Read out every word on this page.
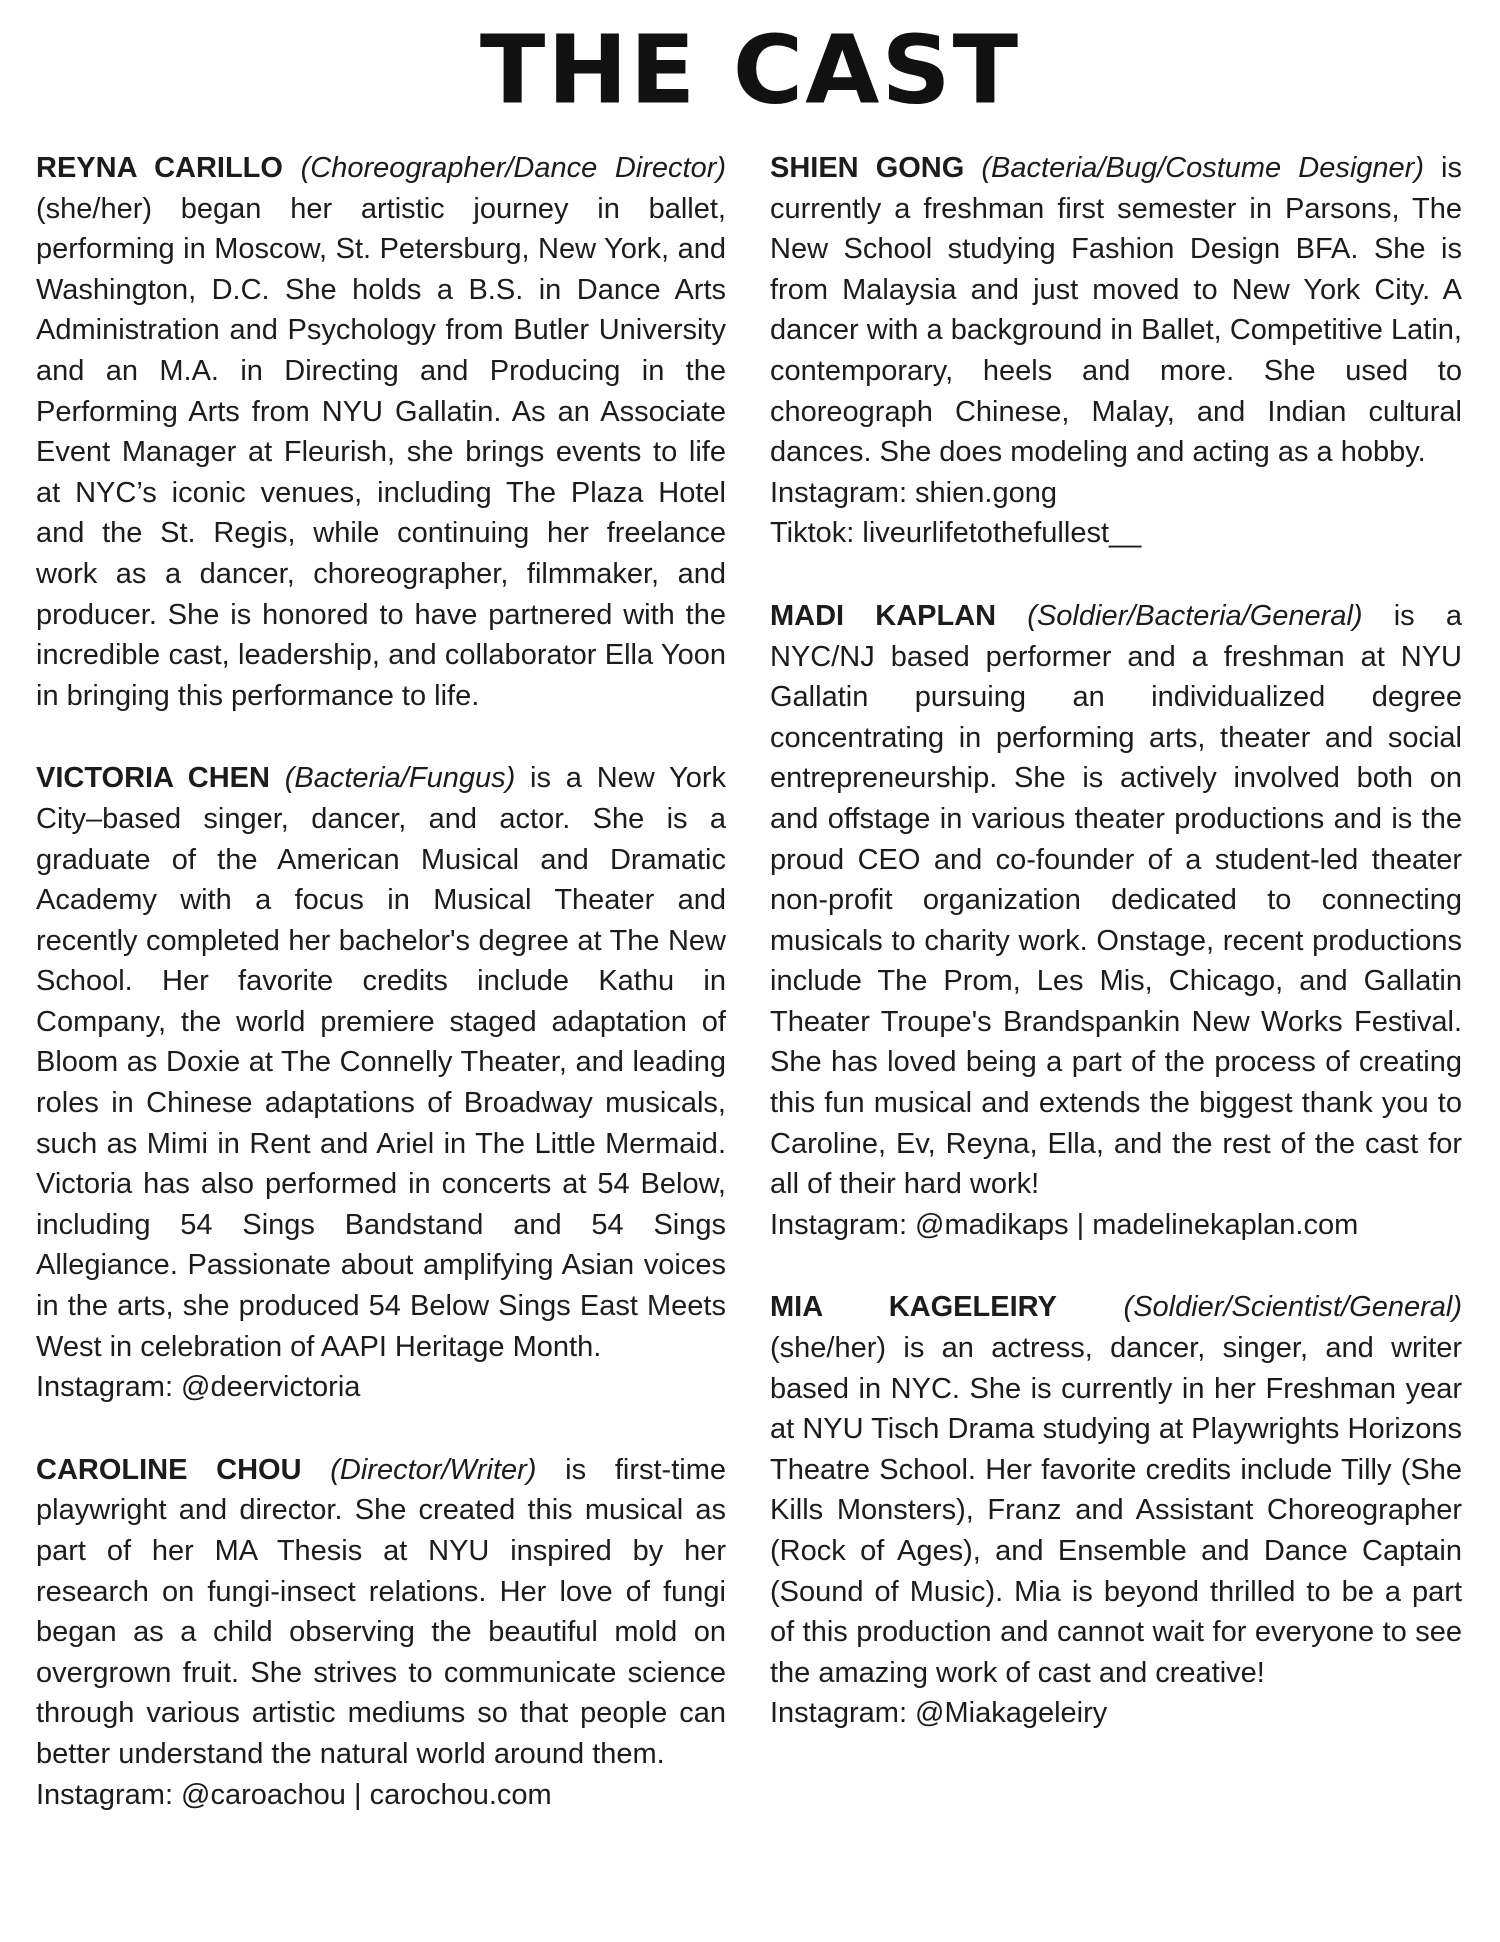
THE CAST

REYNA CARILLO (Choreographer/Dance Director) (she/her) began her artistic journey in ballet, performing in Moscow, St. Petersburg, New York, and Washington, D.C. She holds a B.S. in Dance Arts Administration and Psychology from Butler University and an M.A. in Directing and Producing in the Performing Arts from NYU Gallatin. As an Associate Event Manager at Fleurish, she brings events to life at NYC’s iconic venues, including The Plaza Hotel and the St. Regis, while continuing her freelance work as a dancer, choreographer, filmmaker, and producer. She is honored to have partnered with the incredible cast, leadership, and collaborator Ella Yoon in bringing this performance to life.

VICTORIA CHEN (Bacteria/Fungus) is a New York City–based singer, dancer, and actor. She is a graduate of the American Musical and Dramatic Academy with a focus in Musical Theater and recently completed her bachelor's degree at The New School. Her favorite credits include Kathu in Company, the world premiere staged adaptation of Bloom as Doxie at The Connelly Theater, and leading roles in Chinese adaptations of Broadway musicals, such as Mimi in Rent and Ariel in The Little Mermaid. Victoria has also performed in concerts at 54 Below, including 54 Sings Bandstand and 54 Sings Allegiance. Passionate about amplifying Asian voices in the arts, she produced 54 Below Sings East Meets West in celebration of AAPI Heritage Month.
Instagram: @deervictoria

CAROLINE CHOU (Director/Writer) is first-time playwright and director. She created this musical as part of her MA Thesis at NYU inspired by her research on fungi-insect relations. Her love of fungi began as a child observing the beautiful mold on overgrown fruit. She strives to communicate science through various artistic mediums so that people can better understand the natural world around them.
Instagram: @caroachou | carochou.com

SHIEN GONG (Bacteria/Bug/Costume Designer) is currently a freshman first semester in Parsons, The New School studying Fashion Design BFA. She is from Malaysia and just moved to New York City. A dancer with a background in Ballet, Competitive Latin, contemporary, heels and more. She used to choreograph Chinese, Malay, and Indian cultural dances. She does modeling and acting as a hobby.
Instagram: shien.gong
Tiktok: liveurlifetothefullest__

MADI KAPLAN (Soldier/Bacteria/General) is a NYC/NJ based performer and a freshman at NYU Gallatin pursuing an individualized degree concentrating in performing arts, theater and social entrepreneurship. She is actively involved both on and offstage in various theater productions and is the proud CEO and co-founder of a student-led theater non-profit organization dedicated to connecting musicals to charity work. Onstage, recent productions include The Prom, Les Mis, Chicago, and Gallatin Theater Troupe's Brandspankin New Works Festival. She has loved being a part of the process of creating this fun musical and extends the biggest thank you to Caroline, Ev, Reyna, Ella, and the rest of the cast for all of their hard work!
Instagram: @madikaps | madelinekaplan.com

MIA KAGELEIRY (Soldier/Scientist/General) (she/her) is an actress, dancer, singer, and writer based in NYC. She is currently in her Freshman year at NYU Tisch Drama studying at Playwrights Horizons Theatre School. Her favorite credits include Tilly (She Kills Monsters), Franz and Assistant Choreographer (Rock of Ages), and Ensemble and Dance Captain (Sound of Music). Mia is beyond thrilled to be a part of this production and cannot wait for everyone to see the amazing work of cast and creative!
Instagram: @Miakageleiry
